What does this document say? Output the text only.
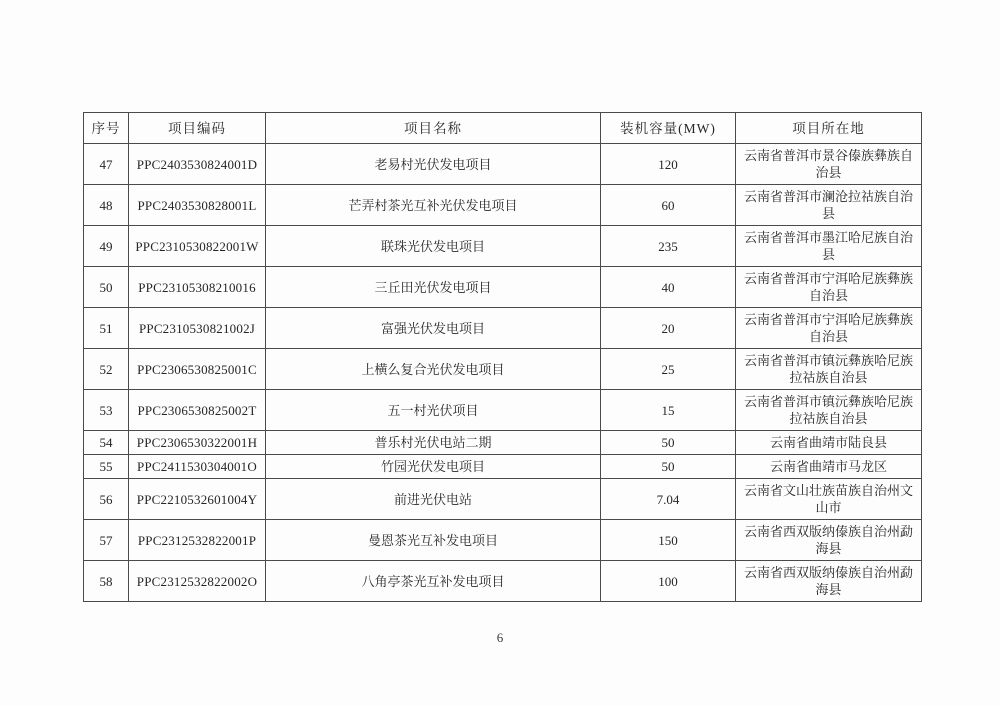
序号	项目编码	项目名称	装机容量(MW)	项目所在地
47	PPC2403530824001D	老易村光伏发电项目	120	云南省普洱市景谷傣族彝族自治县
48	PPC2403530828001L	芒弄村茶光互补光伏发电项目	60	云南省普洱市澜沧拉祜族自治县
49	PPC2310530822001W	联珠光伏发电项目	235	云南省普洱市墨江哈尼族自治县
50	PPC23105308210016	三丘田光伏发电项目	40	云南省普洱市宁洱哈尼族彝族自治县
51	PPC2310530821002J	富强光伏发电项目	20	云南省普洱市宁洱哈尼族彝族自治县
52	PPC2306530825001C	上横么复合光伏发电项目	25	云南省普洱市镇沅彝族哈尼族拉祜族自治县
53	PPC2306530825002T	五一村光伏项目	15	云南省普洱市镇沅彝族哈尼族拉祜族自治县
54	PPC2306530322001H	普乐村光伏电站二期	50	云南省曲靖市陆良县
55	PPC2411530304001O	竹园光伏发电项目	50	云南省曲靖市马龙区
56	PPC2210532601004Y	前进光伏电站	7.04	云南省文山壮族苗族自治州文山市
57	PPC2312532822001P	曼恩茶光互补发电项目	150	云南省西双版纳傣族自治州勐海县
58	PPC2312532822002O	八角亭茶光互补发电项目	100	云南省西双版纳傣族自治州勐海县
6
